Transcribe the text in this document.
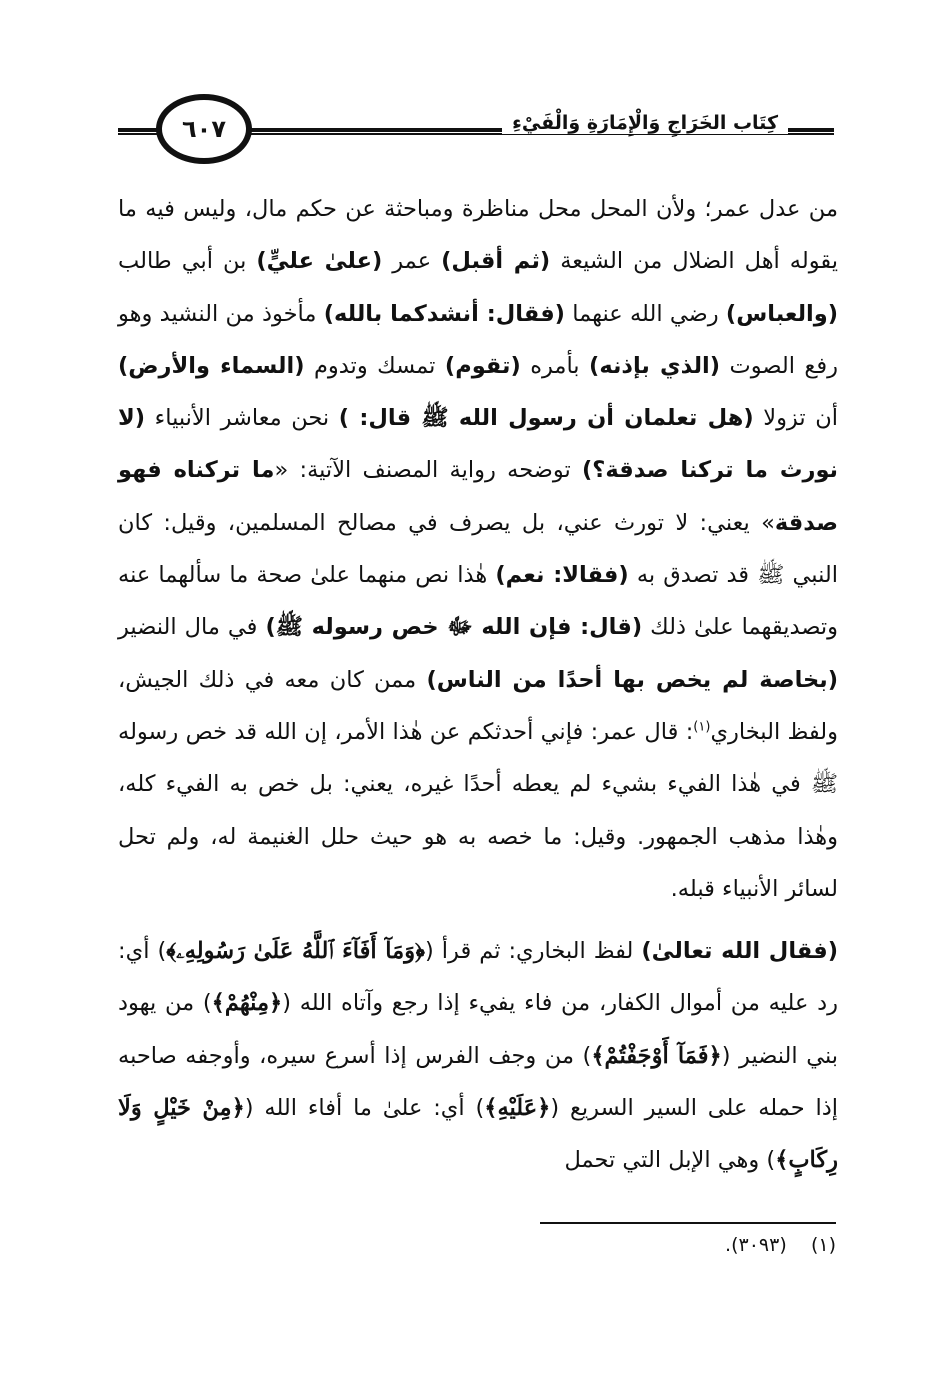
٦٠٧	كِتَاب الخَرَاجِ وَالْإِمَارَةِ وَالْفَيْءِ

من عدل عمر؛ ولأن المحل محل مناظرة ومباحثة عن حكم مال، وليس فيه ما يقوله أهل الضلال من الشيعة (ثم أقبل) عمر (علىٰ عليٍّ) بن أبي طالب (والعباس) رضي الله عنهما (فقال: أنشدكما بالله) مأخوذ من النشيد وهو رفع الصوت (الذي بإذنه) بأمره (تقوم) تمسك وتدوم (السماء والأرض) أن تزولا (هل تعلمان أن رسول الله ﷺ قال: ) نحن معاشر الأنبياء (لا نورث ما تركنا صدقة؟) توضحه رواية المصنف الآتية: «ما تركناه فهو صدقة» يعني: لا تورث عني، بل يصرف في مصالح المسلمين، وقيل: كان النبي ﷺ قد تصدق به (فقالا: نعم) هٰذا نص منهما علىٰ صحة ما سألهما عنه وتصديقهما علىٰ ذلك (قال: فإن الله ﷻ خص رسوله ﷺ) في مال النضير (بخاصة لم يخص بها أحدًا من الناس) ممن كان معه في ذلك الجيش، ولفظ البخاري$^{(١)}$: قال عمر: فإني أحدثكم عن هٰذا الأمر، إن الله قد خص رسوله ﷺ في هٰذا الفيء بشيء لم يعطه أحدًا غيره، يعني: بل خص به الفيء كله، وهٰذا مذهب الجمهور. وقيل: ما خصه به هو حيث حلل الغنيمة له، ولم تحل لسائر الأنبياء قبله.

(فقال الله تعالىٰ) لفظ البخاري: ثم قرأ (﴿وَمَآ أَفَآءَ ٱللَّهُ عَلَىٰ رَسُولِهِۦ﴾) أي: رد عليه من أموال الكفار، من فاء يفيء إذا رجع وآتاه الله (﴿مِنْهُمْ﴾) من يهود بني النضير (﴿فَمَآ أَوْجَفْتُمْ﴾) من وجف الفرس إذا أسرع سيره، وأوجفه صاحبه إذا حمله على السير السريع (﴿عَلَيْهِ﴾) أي: علىٰ ما أفاء الله (﴿مِنْ خَيْلٍ وَلَا رِكَابٍ﴾) وهي الإبل التي تحمل

(١)    (٣٠٩٣).
